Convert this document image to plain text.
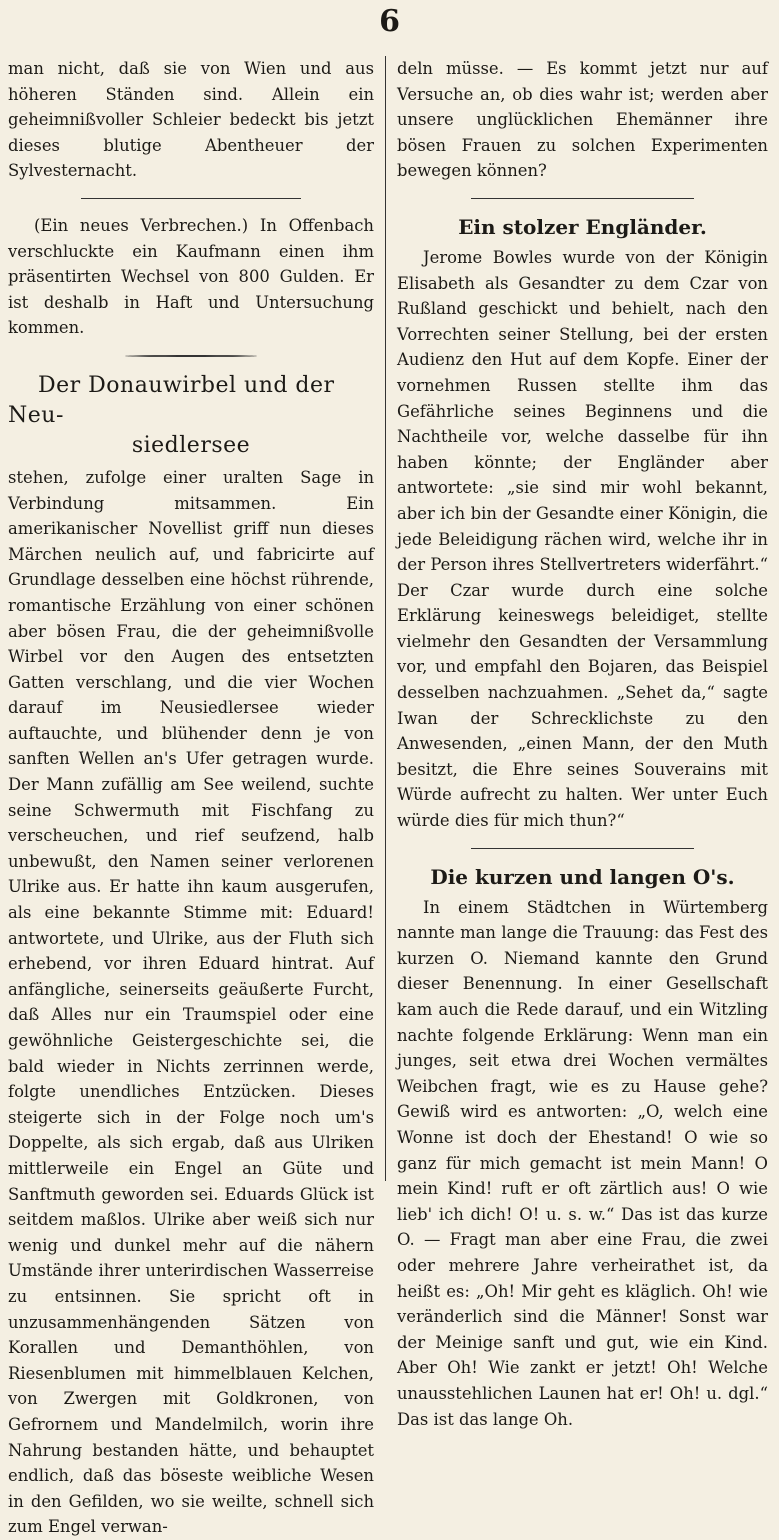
6

man nicht, daß sie von Wien und aus höheren Ständen sind. Allein ein geheimnißvoller Schleier bedeckt bis jetzt dieses blutige Abentheuer der Sylvesternacht.

(Ein neues Verbrechen.) In Offenbach verschluckte ein Kaufmann einen ihm präsentirten Wechsel von 800 Gulden. Er ist deshalb in Haft und Untersuchung kommen.

Der Donauwirbel und der Neu-
siedlersee

stehen, zufolge einer uralten Sage in Verbindung mitsammen. Ein amerikanischer Novellist griff nun dieses Märchen neulich auf, und fabricirte auf Grundlage desselben eine höchst rührende, romantische Erzählung von einer schönen aber bösen Frau, die der geheimnißvolle Wirbel vor den Augen des entsetzten Gatten verschlang, und die vier Wochen darauf im Neusiedlersee wieder auftauchte, und blühender denn je von sanften Wellen an's Ufer getragen wurde. Der Mann zufällig am See weilend, suchte seine Schwermuth mit Fischfang zu verscheuchen, und rief seufzend, halb unbewußt, den Namen seiner verlorenen Ulrike aus. Er hatte ihn kaum ausgerufen, als eine bekannte Stimme mit: Eduard! antwortete, und Ulrike, aus der Fluth sich erhebend, vor ihren Eduard hintrat. Auf anfängliche, seinerseits geäußerte Furcht, daß Alles nur ein Traumspiel oder eine gewöhnliche Geistergeschichte sei, die bald wieder in Nichts zerrinnen werde, folgte unendliches Entzücken. Dieses steigerte sich in der Folge noch um's Doppelte, als sich ergab, daß aus Ulriken mittlerweile ein Engel an Güte und Sanftmuth geworden sei. Eduards Glück ist seitdem maßlos. Ulrike aber weiß sich nur wenig und dunkel mehr auf die nähern Umstände ihrer unterirdischen Wasserreise zu entsinnen. Sie spricht oft in unzusammenhängenden Sätzen von Korallen und Demanthöhlen, von Riesenblumen mit himmelblauen Kelchen, von Zwergen mit Goldkronen, von Gefrornem und Mandelmilch, worin ihre Nahrung bestanden hätte, und behauptet endlich, daß das böseste weibliche Wesen in den Gefilden, wo sie weilte, schnell sich zum Engel verwan-

deln müsse. — Es kommt jetzt nur auf Versuche an, ob dies wahr ist; werden aber unsere unglücklichen Ehemänner ihre bösen Frauen zu solchen Experimenten bewegen können?

Ein stolzer Engländer.

Jerome Bowles wurde von der Königin Elisabeth als Gesandter zu dem Czar von Rußland geschickt und behielt, nach den Vorrechten seiner Stellung, bei der ersten Audienz den Hut auf dem Kopfe. Einer der vornehmen Russen stellte ihm das Gefährliche seines Beginnens und die Nachtheile vor, welche dasselbe für ihn haben könnte; der Engländer aber antwortete: „sie sind mir wohl bekannt, aber ich bin der Gesandte einer Königin, die jede Beleidigung rächen wird, welche ihr in der Person ihres Stellvertreters widerfährt.“ Der Czar wurde durch eine solche Erklärung keineswegs beleidiget, stellte vielmehr den Gesandten der Versammlung vor, und empfahl den Bojaren, das Beispiel desselben nachzuahmen. „Sehet da,“ sagte Iwan der Schrecklichste zu den Anwesenden, „einen Mann, der den Muth besitzt, die Ehre seines Souverains mit Würde aufrecht zu halten. Wer unter Euch würde dies für mich thun?“

Die kurzen und langen O's.

In einem Städtchen in Würtemberg nannte man lange die Trauung: das Fest des kurzen O. Niemand kannte den Grund dieser Benennung. In einer Gesellschaft kam auch die Rede darauf, und ein Witzling nachte folgende Erklärung: Wenn man ein junges, seit etwa drei Wochen vermältes Weibchen fragt, wie es zu Hause gehe? Gewiß wird es antworten: „O, welch eine Wonne ist doch der Ehestand! O wie so ganz für mich gemacht ist mein Mann! O mein Kind! ruft er oft zärtlich aus! O wie lieb' ich dich! O! u. s. w.“ Das ist das kurze O. — Fragt man aber eine Frau, die zwei oder mehrere Jahre verheirathet ist, da heißt es: „Oh! Mir geht es kläglich. Oh! wie veränderlich sind die Männer! Sonst war der Meinige sanft und gut, wie ein Kind. Aber Oh! Wie zankt er jetzt! Oh! Welche unausstehlichen Launen hat er! Oh! u. dgl.“ Das ist das lange Oh.
